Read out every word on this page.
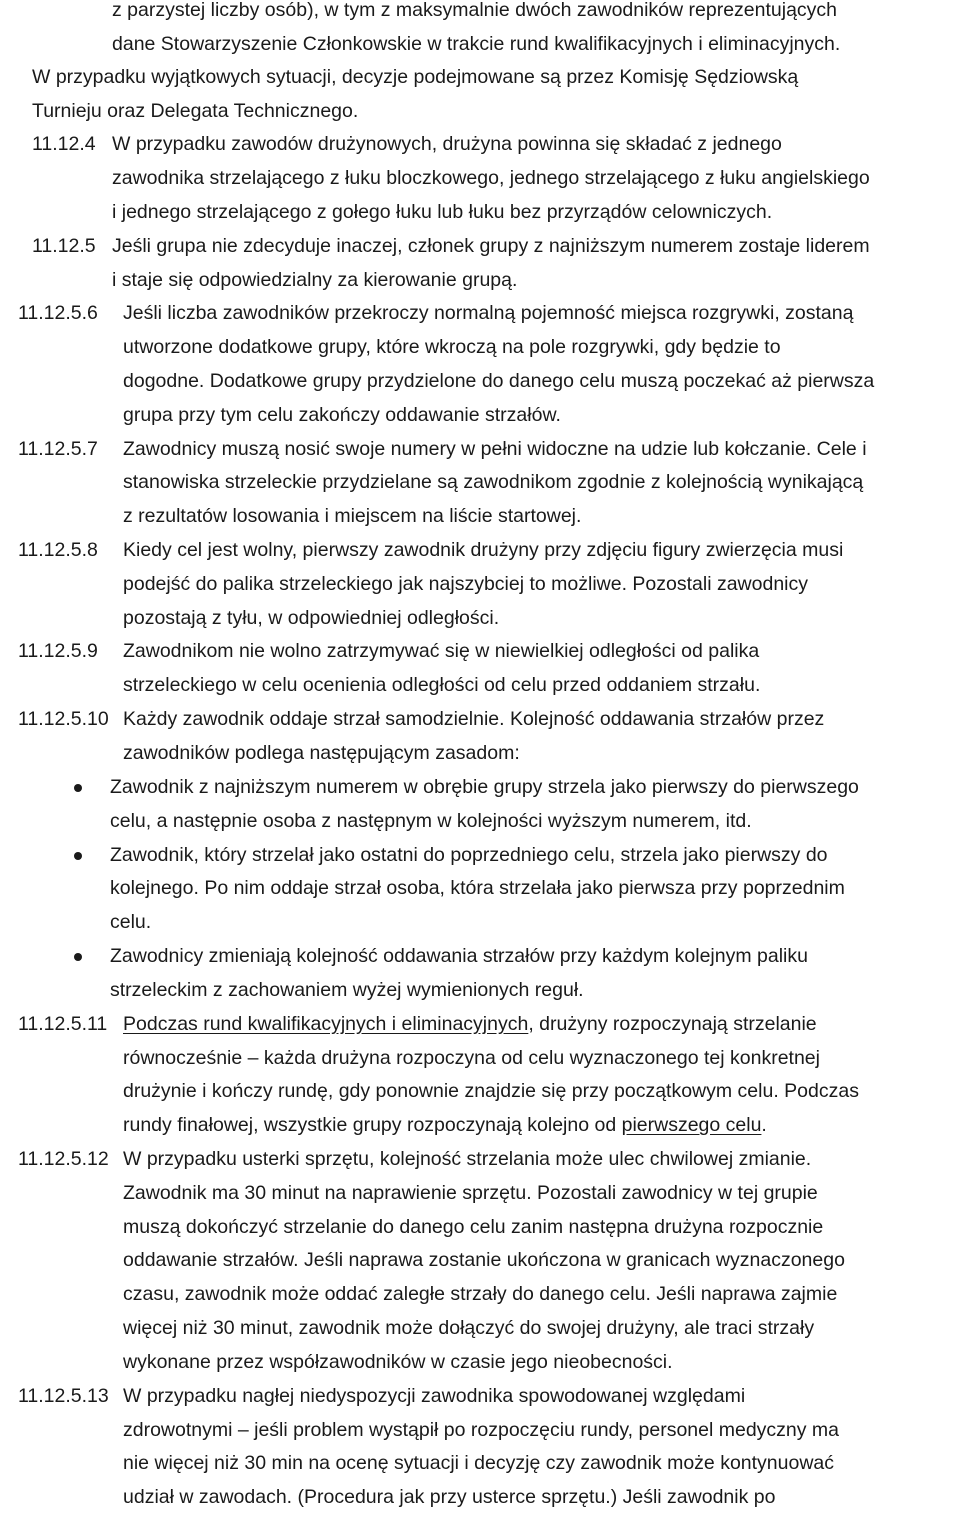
z parzystej liczby osób), w tym z maksymalnie dwóch zawodników reprezentujących
dane Stowarzyszenie Członkowskie w trakcie rund kwalifikacyjnych i eliminacyjnych.
W przypadku wyjątkowych sytuacji, decyzje podejmowane są przez Komisję Sędziowską
Turnieju oraz Delegata Technicznego.
11.12.4 W przypadku zawodów drużynowych, drużyna powinna się składać z jednego
zawodnika strzelającego z łuku bloczkowego, jednego strzelającego z łuku angielskiego
i jednego strzelającego z gołego łuku lub łuku bez przyrządów celowniczych.
11.12.5 Jeśli grupa nie zdecyduje inaczej, członek grupy z najniższym numerem zostaje liderem
i staje się odpowiedzialny za kierowanie grupą.
11.12.5.6 Jeśli liczba zawodników przekroczy normalną pojemność miejsca rozgrywki, zostaną
utworzone dodatkowe grupy, które wkroczą na pole rozgrywki, gdy będzie to
dogodne. Dodatkowe grupy przydzielone do danego celu muszą poczekać aż pierwsza
grupa przy tym celu zakończy oddawanie strzałów.
11.12.5.7 Zawodnicy muszą nosić swoje numery w pełni widoczne na udzie lub kołczanie. Cele i
stanowiska strzeleckie przydzielane są zawodnikom zgodnie z kolejnością wynikającą
z rezultatów losowania i miejscem na liście startowej.
11.12.5.8 Kiedy cel jest wolny, pierwszy zawodnik drużyny przy zdjęciu figury zwierzęcia musi
podejść do palika strzeleckiego jak najszybciej to możliwe. Pozostali zawodnicy
pozostają z tyłu, w odpowiedniej odległości.
11.12.5.9 Zawodnikom nie wolno zatrzymywać się w niewielkiej odległości od palika
strzeleckiego w celu ocenienia odległości od celu przed oddaniem strzału.
11.12.5.10 Każdy zawodnik oddaje strzał samodzielnie. Kolejność oddawania strzałów przez
zawodników podlega następującym zasadom:
Zawodnik z najniższym numerem w obrębie grupy strzela jako pierwszy do pierwszego
celu, a następnie osoba z następnym w kolejności wyższym numerem, itd.
Zawodnik, który strzelał jako ostatni do poprzedniego celu, strzela jako pierwszy do
kolejnego. Po nim oddaje strzał osoba, która strzelała jako pierwsza przy poprzednim
celu.
Zawodnicy zmieniają kolejność oddawania strzałów przy każdym kolejnym paliku
strzeleckim z zachowaniem wyżej wymienionych reguł.
11.12.5.11 Podczas rund kwalifikacyjnych i eliminacyjnych, drużyny rozpoczynają strzelanie
równocześnie – każda drużyna rozpoczyna od celu wyznaczonego tej konkretnej
drużynie i kończy rundę, gdy ponownie znajdzie się przy początkowym celu. Podczas
rundy finałowej, wszystkie grupy rozpoczynają kolejno od pierwszego celu.
11.12.5.12 W przypadku usterki sprzętu, kolejność strzelania może ulec chwilowej zmianie.
Zawodnik ma 30 minut na naprawienie sprzętu. Pozostali zawodnicy w tej grupie
muszą dokończyć strzelanie do danego celu zanim następna drużyna rozpocznie
oddawanie strzałów. Jeśli naprawa zostanie ukończona w granicach wyznaczonego
czasu, zawodnik może oddać zaległe strzały do danego celu. Jeśli naprawa zajmie
więcej niż 30 minut, zawodnik może dołączyć do swojej drużyny, ale traci strzały
wykonane przez współzawodników w czasie jego nieobecności.
11.12.5.13 W przypadku nagłej niedyspozycji zawodnika spowodowanej względami
zdrowotnymi – jeśli problem wystąpił po rozpoczęciu rundy, personel medyczny ma
nie więcej niż 30 min na ocenę sytuacji i decyzję czy zawodnik może kontynuować
udział w zawodach. (Procedura jak przy usterce sprzętu.) Jeśli zawodnik po
